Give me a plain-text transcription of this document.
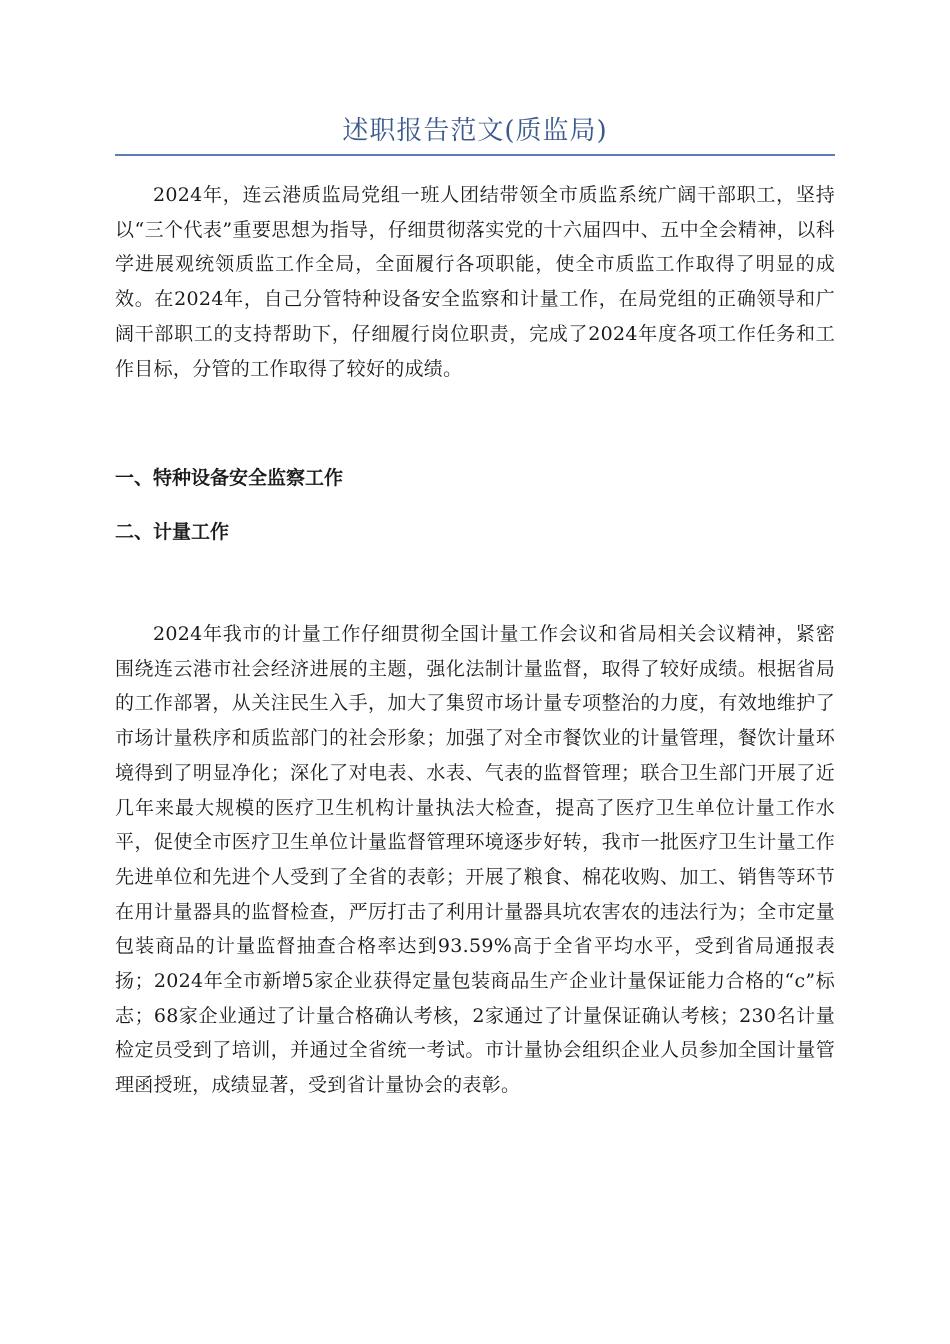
述职报告范文(质监局)

2024年，连云港质监局党组一班人团结带领全市质监系统广阔干部职工，坚持以“三个代表”重要思想为指导，仔细贯彻落实党的十六届四中、五中全会精神，以科学进展观统领质监工作全局，全面履行各项职能，使全市质监工作取得了明显的成效。在2024年，自己分管特种设备安全监察和计量工作，在局党组的正确领导和广阔干部职工的支持帮助下，仔细履行岗位职责，完成了2024年度各项工作任务和工作目标，分管的工作取得了较好的成绩。

一、特种设备安全监察工作
二、计量工作

2024年我市的计量工作仔细贯彻全国计量工作会议和省局相关会议精神，紧密围绕连云港市社会经济进展的主题，强化法制计量监督，取得了较好成绩。根据省局的工作部署，从关注民生入手，加大了集贸市场计量专项整治的力度，有效地维护了市场计量秩序和质监部门的社会形象；加强了对全市餐饮业的计量管理，餐饮计量环境得到了明显净化；深化了对电表、水表、气表的监督管理；联合卫生部门开展了近几年来最大规模的医疗卫生机构计量执法大检查，提高了医疗卫生单位计量工作水平，促使全市医疗卫生单位计量监督管理环境逐步好转，我市一批医疗卫生计量工作先进单位和先进个人受到了全省的表彰；开展了粮食、棉花收购、加工、销售等环节在用计量器具的监督检查，严厉打击了利用计量器具坑农害农的违法行为；全市定量包装商品的计量监督抽查合格率达到93.59%高于全省平均水平，受到省局通报表扬；2024年全市新增5家企业获得定量包装商品生产企业计量保证能力合格的“c”标志；68家企业通过了计量合格确认考核，2家通过了计量保证确认考核；230名计量检定员受到了培训，并通过全省统一考试。市计量协会组织企业人员参加全国计量管理函授班，成绩显著，受到省计量协会的表彰。
